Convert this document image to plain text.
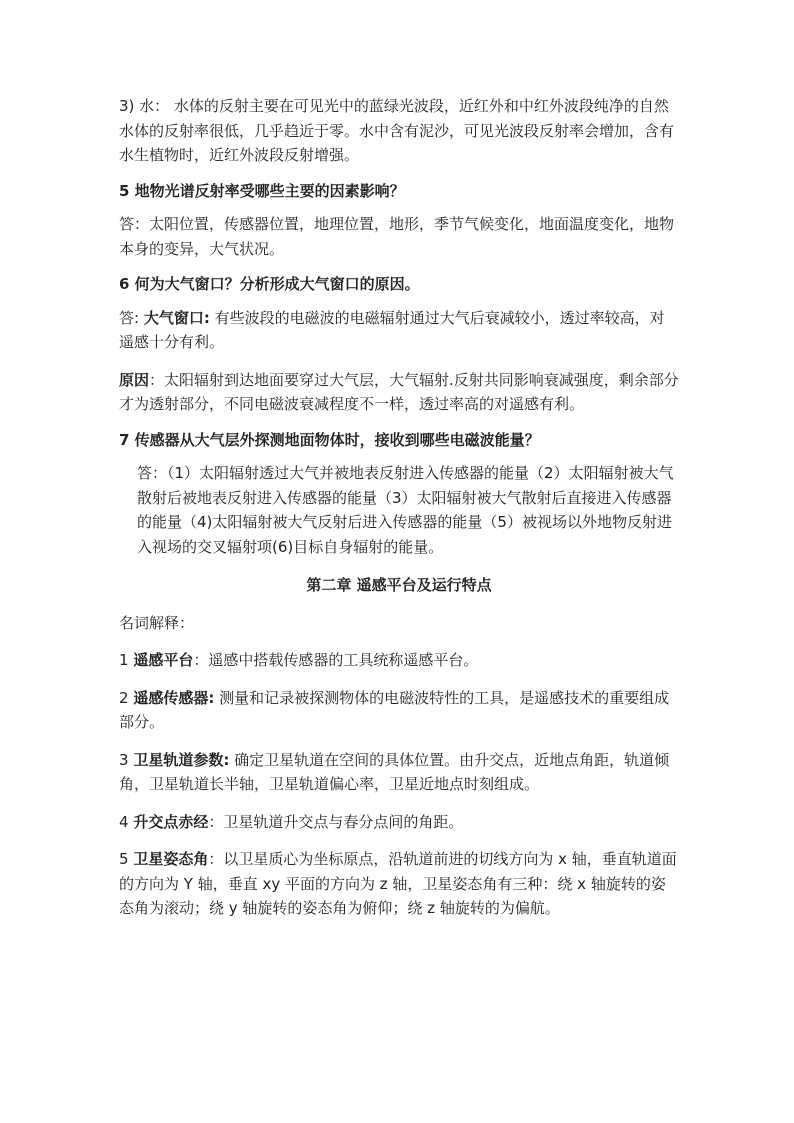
3) 水： 水体的反射主要在可见光中的蓝绿光波段，近红外和中红外波段纯净的自然水体的反射率很低，几乎趋近于零。水中含有泥沙，可见光波段反射率会增加，含有水生植物时，近红外波段反射增强。

5 地物光谱反射率受哪些主要的因素影响？

答：太阳位置，传感器位置，地理位置，地形，季节气候变化，地面温度变化，地物本身的变异，大气状况。

6 何为大气窗口？分析形成大气窗口的原因。

答: 大气窗口: 有些波段的电磁波的电磁辐射通过大气后衰减较小，透过率较高，对遥感十分有利。

原因：太阳辐射到达地面要穿过大气层，大气辐射.反射共同影响衰减强度，剩余部分才为透射部分，不同电磁波衰减程度不一样，透过率高的对遥感有利。

7 传感器从大气层外探测地面物体时，接收到哪些电磁波能量？

答：（1）太阳辐射透过大气并被地表反射进入传感器的能量（2）太阳辐射被大气散射后被地表反射进入传感器的能量（3）太阳辐射被大气散射后直接进入传感器的能量（4)太阳辐射被大气反射后进入传感器的能量（5）被视场以外地物反射进入视场的交叉辐射项(6)目标自身辐射的能量。

第二章 遥感平台及运行特点

名词解释：

1 遥感平台：遥感中搭载传感器的工具统称遥感平台。

2 遥感传感器: 测量和记录被探测物体的电磁波特性的工具，是遥感技术的重要组成部分。

3 卫星轨道参数: 确定卫星轨道在空间的具体位置。由升交点，近地点角距，轨道倾角，卫星轨道长半轴，卫星轨道偏心率，卫星近地点时刻组成。

4 升交点赤经：卫星轨道升交点与春分点间的角距。

5 卫星姿态角：以卫星质心为坐标原点，沿轨道前进的切线方向为 x 轴，垂直轨道面的方向为 Y 轴，垂直 xy 平面的方向为 z 轴，卫星姿态角有三种：绕 x 轴旋转的姿态角为滚动；绕 y 轴旋转的姿态角为俯仰；绕 z 轴旋转的为偏航。
